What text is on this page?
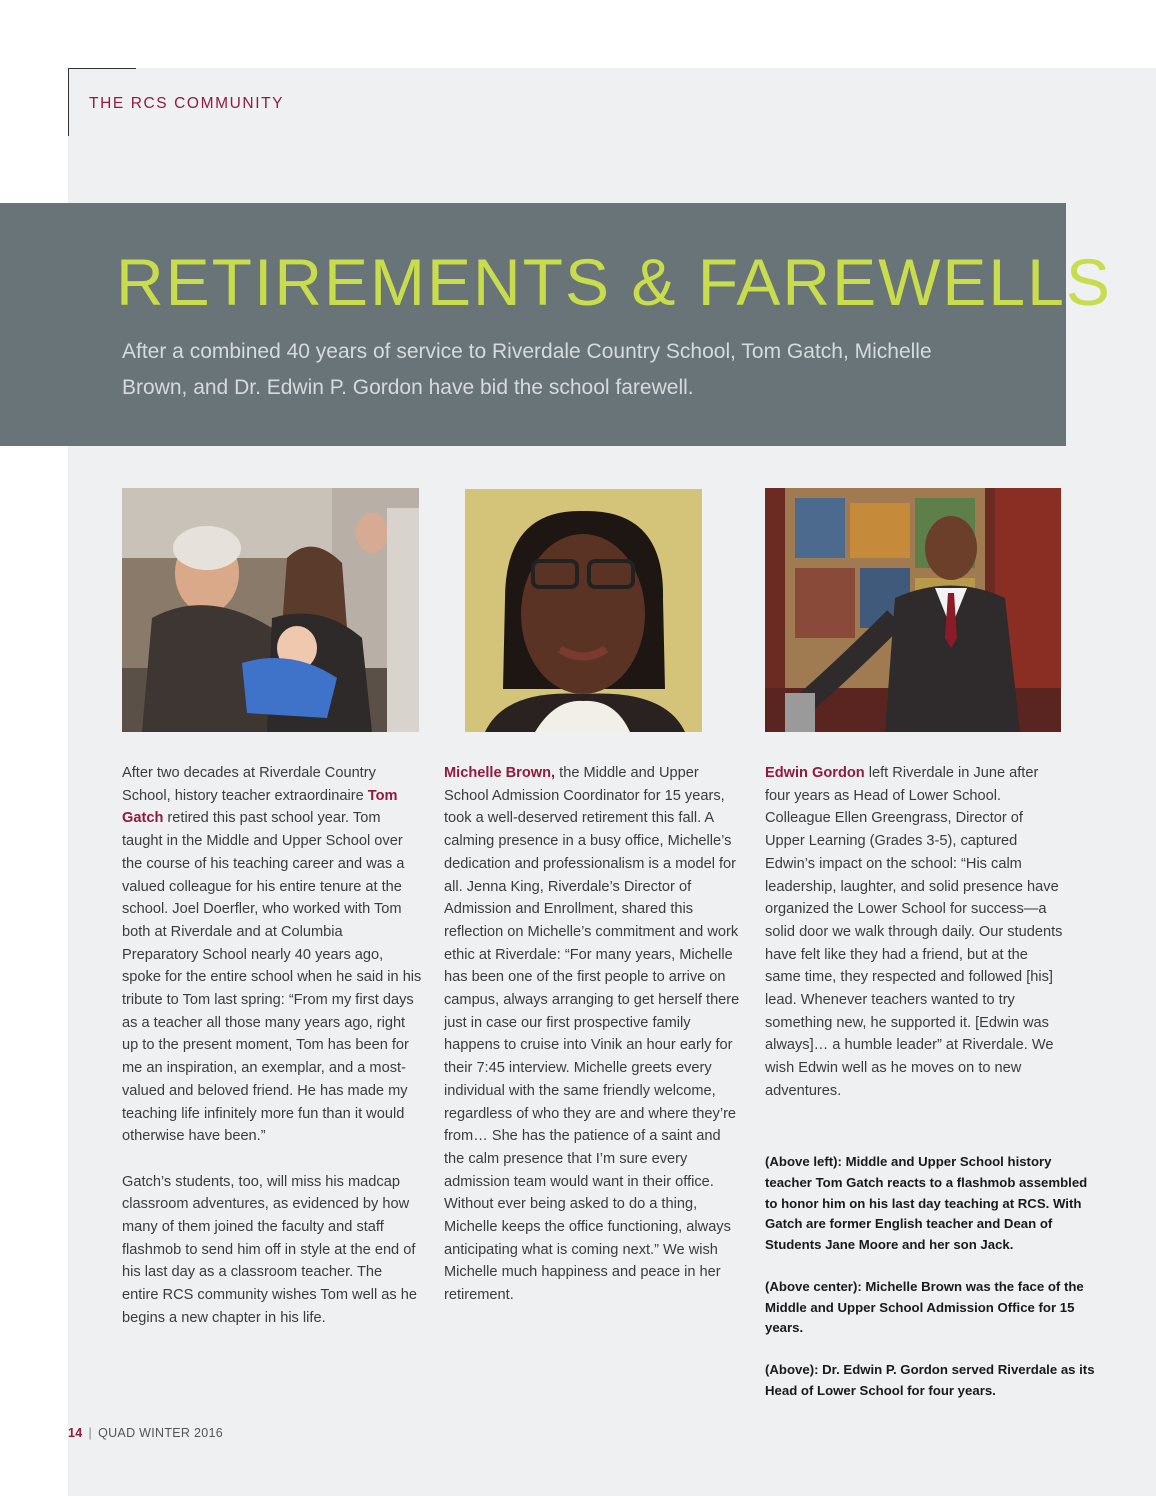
THE RCS COMMUNITY
RETIREMENTS & FAREWELLS

After a combined 40 years of service to Riverdale Country School, Tom Gatch, Michelle Brown, and Dr. Edwin P. Gordon have bid the school farewell.

After two decades at Riverdale Country School, history teacher extraordinaire Tom Gatch retired this past school year. Tom taught in the Middle and Upper School over the course of his teaching career and was a valued colleague for his entire tenure at the school. Joel Doerfler, who worked with Tom both at Riverdale and at Columbia Preparatory School nearly 40 years ago, spoke for the entire school when he said in his tribute to Tom last spring: “From my first days as a teacher all those many years ago, right up to the present moment, Tom has been for me an inspiration, an exemplar, and a most-valued and beloved friend. He has made my teaching life infinitely more fun than it would otherwise have been.”

Gatch’s students, too, will miss his madcap classroom adventures, as evidenced by how many of them joined the faculty and staff flashmob to send him off in style at the end of his last day as a classroom teacher. The entire RCS community wishes Tom well as he begins a new chapter in his life.

Michelle Brown, the Middle and Upper School Admission Coordinator for 15 years, took a well-deserved retirement this fall. A calming presence in a busy office, Michelle’s dedication and professionalism is a model for all. Jenna King, Riverdale’s Director of Admission and Enrollment, shared this reflection on Michelle’s commitment and work ethic at Riverdale: “For many years, Michelle has been one of the first people to arrive on campus, always arranging to get herself there just in case our first prospective family happens to cruise into Vinik an hour early for their 7:45 interview. Michelle greets every individual with the same friendly welcome, regardless of who they are and where they’re from… She has the patience of a saint and the calm presence that I’m sure every admission team would want in their office. Without ever being asked to do a thing, Michelle keeps the office functioning, always anticipating what is coming next.” We wish Michelle much happiness and peace in her retirement.

Edwin Gordon left Riverdale in June after four years as Head of Lower School. Colleague Ellen Greengrass, Director of Upper Learning (Grades 3-5), captured Edwin’s impact on the school: “His calm leadership, laughter, and solid presence have organized the Lower School for success—a solid door we walk through daily. Our students have felt like they had a friend, but at the same time, they respected and followed [his] lead. Whenever teachers wanted to try something new, he supported it. [Edwin was always]… a humble leader” at Riverdale. We wish Edwin well as he moves on to new adventures.

(Above left): Middle and Upper School history teacher Tom Gatch reacts to a flashmob assembled to honor him on his last day teaching at RCS. With Gatch are former English teacher and Dean of Students Jane Moore and her son Jack.

(Above center): Michelle Brown was the face of the Middle and Upper School Admission Office for 15 years.

(Above): Dr. Edwin P. Gordon served Riverdale as its Head of Lower School for four years.

14 | QUAD WINTER 2016
